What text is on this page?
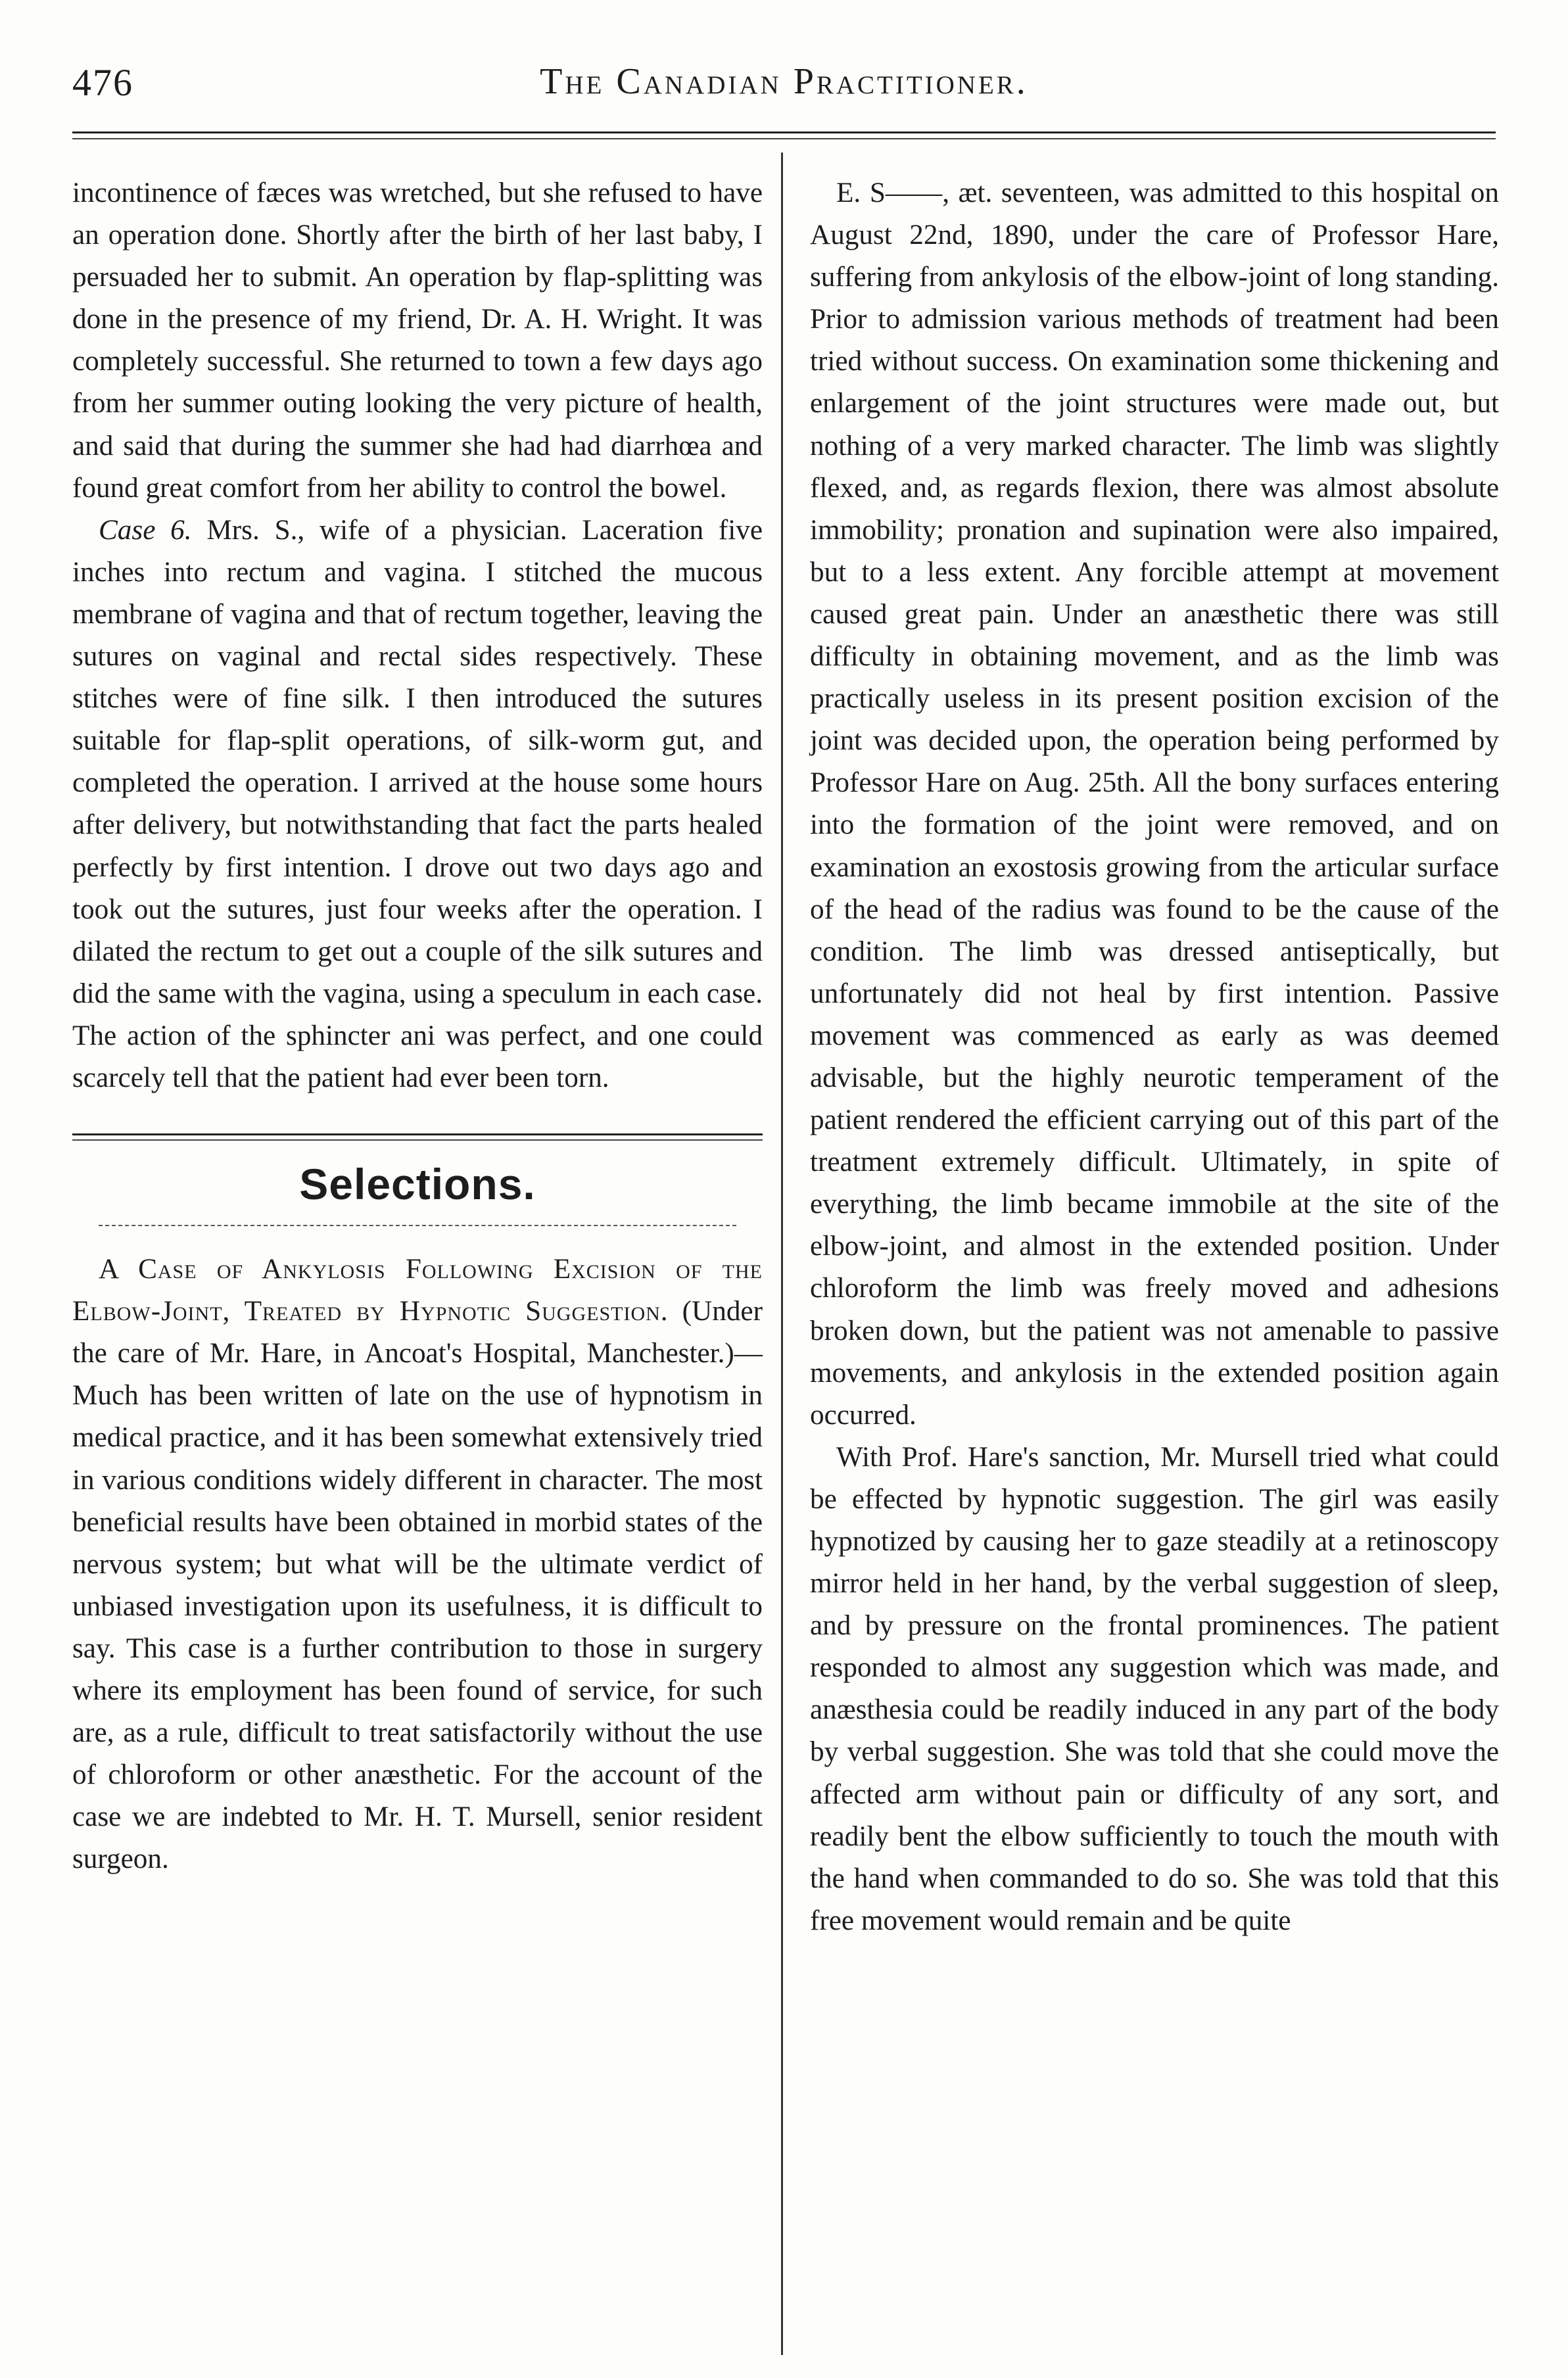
476	The Canadian Practitioner.

incontinence of fæces was wretched, but she refused to have an operation done. Shortly after the birth of her last baby, I persuaded her to submit. An operation by flap-splitting was done in the presence of my friend, Dr. A. H. Wright. It was completely successful. She returned to town a few days ago from her summer outing looking the very picture of health, and said that during the summer she had had diarrhœa and found great comfort from her ability to control the bowel.

Case 6. Mrs. S., wife of a physician. Laceration five inches into rectum and vagina. I stitched the mucous membrane of vagina and that of rectum together, leaving the sutures on vaginal and rectal sides respectively. These stitches were of fine silk. I then introduced the sutures suitable for flap-split operations, of silk-worm gut, and completed the operation. I arrived at the house some hours after delivery, but notwithstanding that fact the parts healed perfectly by first intention. I drove out two days ago and took out the sutures, just four weeks after the operation. I dilated the rectum to get out a couple of the silk sutures and did the same with the vagina, using a speculum in each case. The action of the sphincter ani was perfect, and one could scarcely tell that the patient had ever been torn.

Selections.

A Case of Ankylosis Following Excision of the Elbow-Joint, Treated by Hypnotic Suggestion. (Under the care of Mr. Hare, in Ancoat's Hospital, Manchester.)—Much has been written of late on the use of hypnotism in medical practice, and it has been somewhat extensively tried in various conditions widely different in character. The most beneficial results have been obtained in morbid states of the nervous system; but what will be the ultimate verdict of unbiased investigation upon its usefulness, it is difficult to say. This case is a further contribution to those in surgery where its employment has been found of service, for such are, as a rule, difficult to treat satisfactorily without the use of chloroform or other anæsthetic. For the account of the case we are indebted to Mr. H. T. Mursell, senior resident surgeon.

E. S——, æt. seventeen, was admitted to this hospital on August 22nd, 1890, under the care of Professor Hare, suffering from ankylosis of the elbow-joint of long standing. Prior to admission various methods of treatment had been tried without success. On examination some thickening and enlargement of the joint structures were made out, but nothing of a very marked character. The limb was slightly flexed, and, as regards flexion, there was almost absolute immobility; pronation and supination were also impaired, but to a less extent. Any forcible attempt at movement caused great pain. Under an anæsthetic there was still difficulty in obtaining movement, and as the limb was practically useless in its present position excision of the joint was decided upon, the operation being performed by Professor Hare on Aug. 25th. All the bony surfaces entering into the formation of the joint were removed, and on examination an exostosis growing from the articular surface of the head of the radius was found to be the cause of the condition. The limb was dressed antiseptically, but unfortunately did not heal by first intention. Passive movement was commenced as early as was deemed advisable, but the highly neurotic temperament of the patient rendered the efficient carrying out of this part of the treatment extremely difficult. Ultimately, in spite of everything, the limb became immobile at the site of the elbow-joint, and almost in the extended position. Under chloroform the limb was freely moved and adhesions broken down, but the patient was not amenable to passive movements, and ankylosis in the extended position again occurred.

With Prof. Hare's sanction, Mr. Mursell tried what could be effected by hypnotic suggestion. The girl was easily hypnotized by causing her to gaze steadily at a retinoscopy mirror held in her hand, by the verbal suggestion of sleep, and by pressure on the frontal prominences. The patient responded to almost any suggestion which was made, and anæsthesia could be readily induced in any part of the body by verbal suggestion. She was told that she could move the affected arm without pain or difficulty of any sort, and readily bent the elbow sufficiently to touch the mouth with the hand when commanded to do so. She was told that this free movement would remain and be quite
